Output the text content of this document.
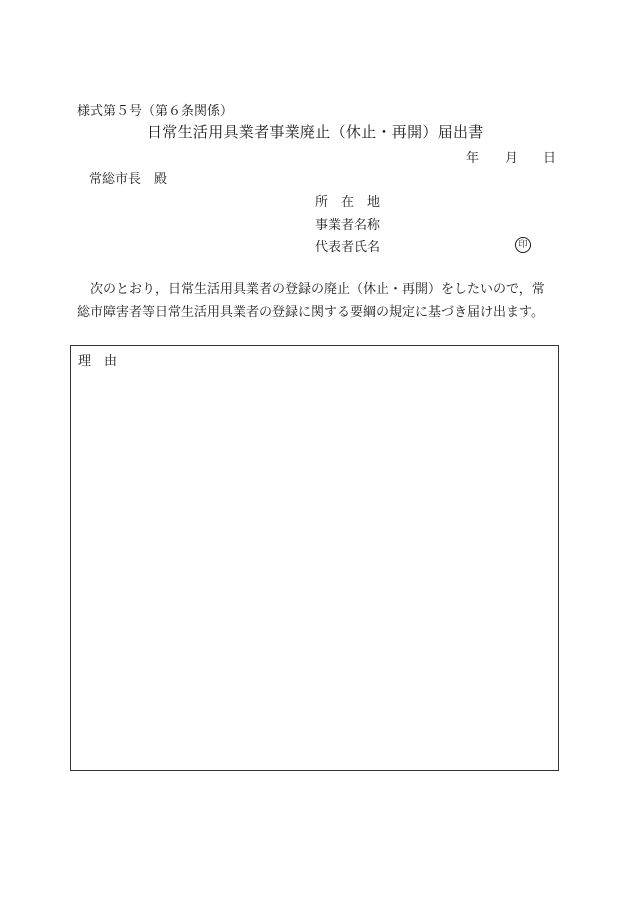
様式第５号（第６条関係）
日常生活用具業者事業廃止（休止・再開）届出書
年 月 日
常総市長　殿
所　在　地
事業者名称
代表者氏名	印
次のとおり，日常生活用具業者の登録の廃止（休止・再開）をしたいので，常
総市障害者等日常生活用具業者の登録に関する要綱の規定に基づき届け出ます。
理　由
